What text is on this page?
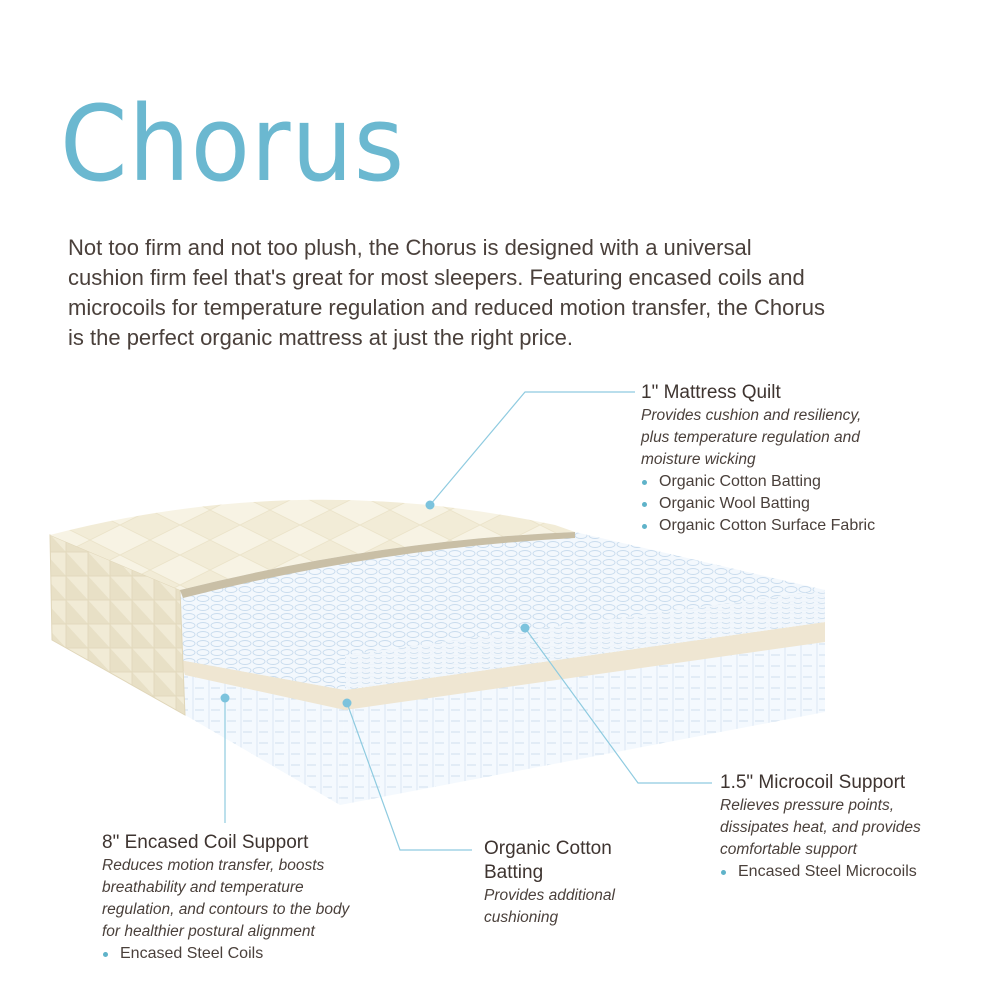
Chorus

Not too firm and not too plush, the Chorus is designed with a universal
cushion firm feel that's great for most sleepers. Featuring encased coils and
microcoils for temperature regulation and reduced motion transfer, the Chorus
is the perfect organic mattress at just the right price.

1" Mattress Quilt

Provides cushion and resiliency,
plus temperature regulation and
moisture wicking

Organic Cotton Batting
Organic Wool Batting
Organic Cotton Surface Fabric
1.5" Microcoil Support

Relieves pressure points,
dissipates heat, and provides
comfortable support

Encased Steel Microcoils
8" Encased Coil Support

Reduces motion transfer, boosts
breathability and temperature
regulation, and contours to the body
for healthier postural alignment

Encased Steel Coils
Organic Cotton
Batting

Provides additional
cushioning
